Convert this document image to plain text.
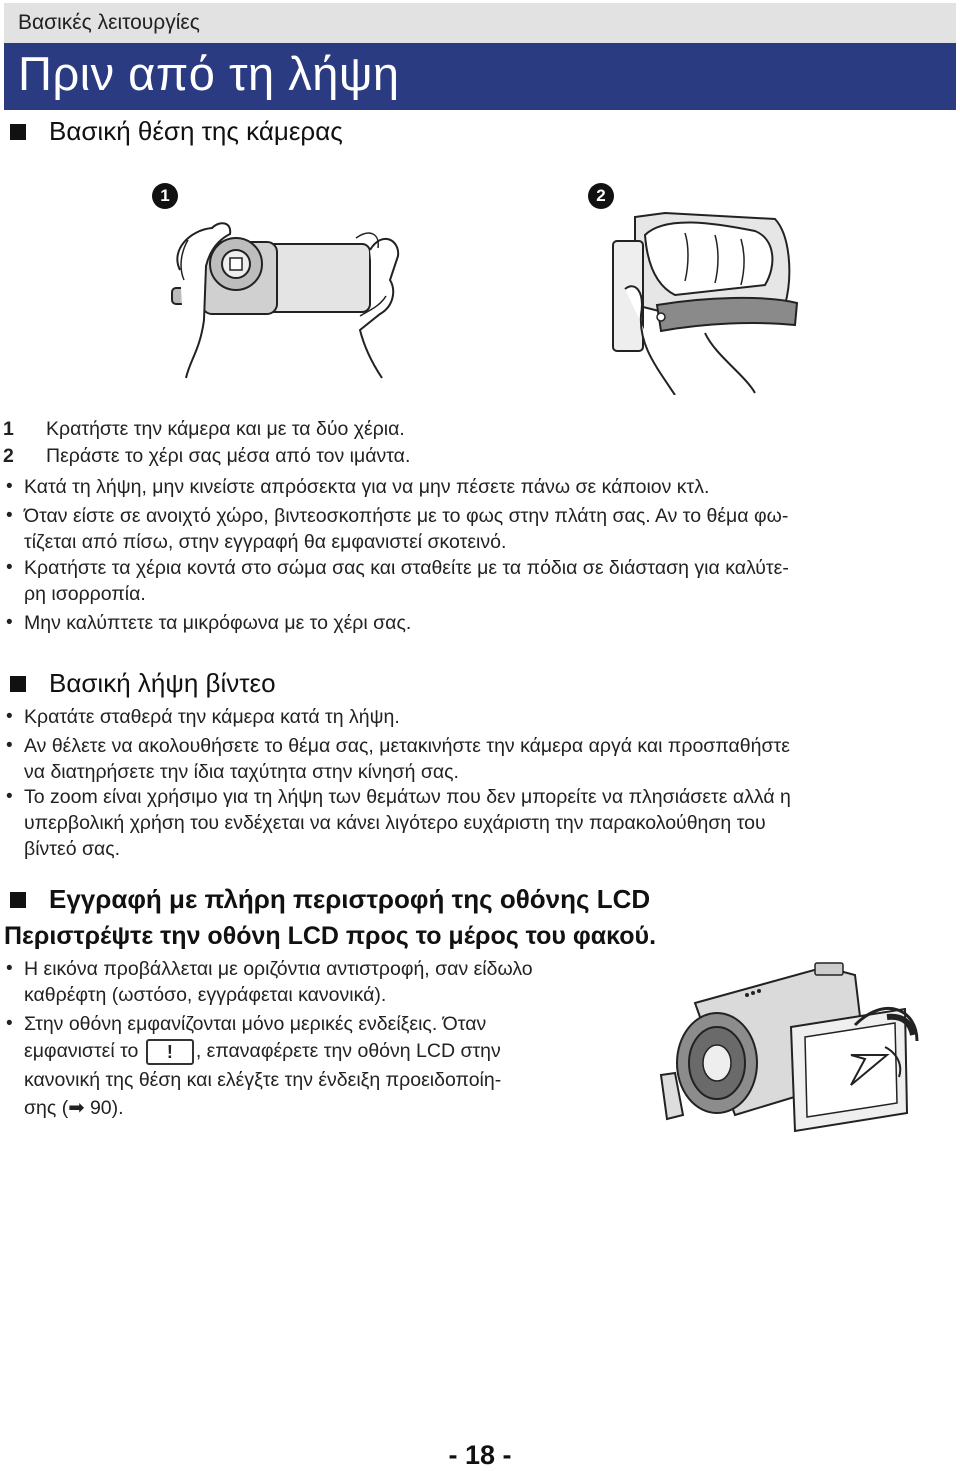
Βασικές λειτουργίες
Πριν από τη λήψη
Βασική θέση της κάμερας
1	2
1 Κρατήστε την κάμερα και με τα δύο χέρια.
2 Περάστε το χέρι σας μέσα από τον ιμάντα.
• Κατά τη λήψη, μην κινείστε απρόσεκτα για να μην πέσετε πάνω σε κάποιον κτλ.
• Όταν είστε σε ανοιχτό χώρο, βιντεοσκοπήστε με το φως στην πλάτη σας. Αν το θέμα φω-
τίζεται από πίσω, στην εγγραφή θα εμφανιστεί σκοτεινό.
• Κρατήστε τα χέρια κοντά στο σώμα σας και σταθείτε με τα πόδια σε διάσταση για καλύτε-
ρη ισορροπία.
• Μην καλύπτετε τα μικρόφωνα με το χέρι σας.
Βασική λήψη βίντεο
• Κρατάτε σταθερά την κάμερα κατά τη λήψη.
• Αν θέλετε να ακολουθήσετε το θέμα σας, μετακινήστε την κάμερα αργά και προσπαθήστε
να διατηρήσετε την ίδια ταχύτητα στην κίνησή σας.
• Το zoom είναι χρήσιμο για τη λήψη των θεμάτων που δεν μπορείτε να πλησιάσετε αλλά η
υπερβολική χρήση του ενδέχεται να κάνει λιγότερο ευχάριστη την παρακολούθηση του
βίντεό σας.
Εγγραφή με πλήρη περιστροφή της οθόνης LCD
Περιστρέψτε την οθόνη LCD προς το μέρος του φακού.
• Η εικόνα προβάλλεται με οριζόντια αντιστροφή, σαν είδωλο
καθρέφτη (ωστόσο, εγγράφεται κανονικά).
• Στην οθόνη εμφανίζονται μόνο μερικές ενδείξεις. Όταν
εμφανιστεί το ! , επαναφέρετε την οθόνη LCD στην
κανονική της θέση και ελέγξτε την ένδειξη προειδοποίη-
σης (➡ 90).
- 18 -
